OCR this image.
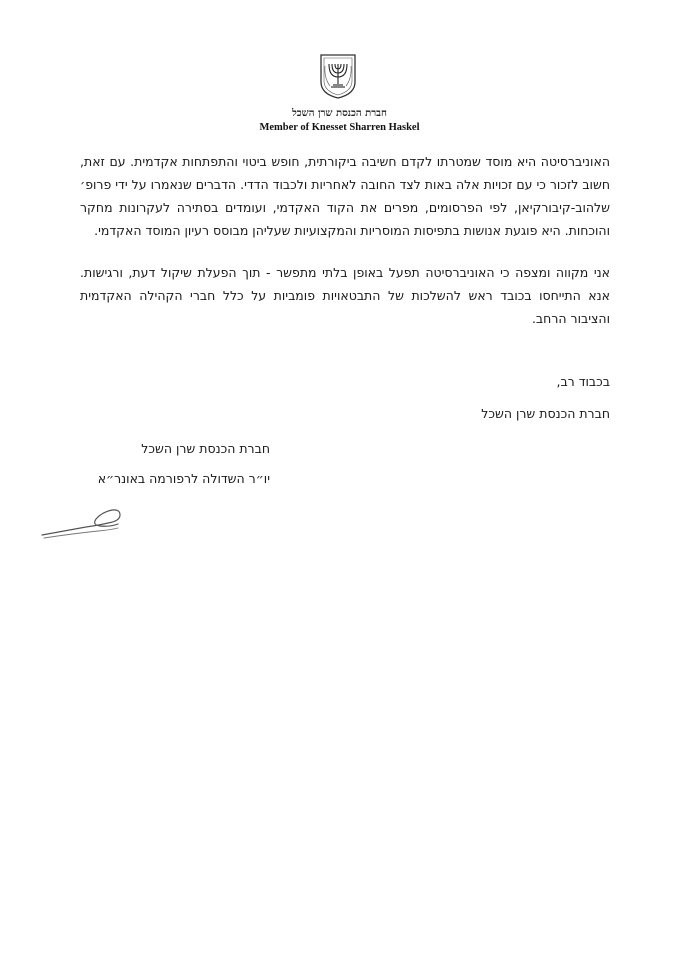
חברת הכנסת שרן השכל
Member of Knesset Sharren Haskel

האוניברסיטה היא מוסד שמטרתו לקדם חשיבה ביקורתית, חופש ביטוי והתפתחות אקדמית. עם זאת, חשוב לזכור כי עם זכויות אלה באות לצד החובה לאחריות ולכבוד הדדי. הדברים שנאמרו על ידי פרופ׳ שלהוב-קיבורקיאן, לפי הפרסומים, מפרים את הקוד האקדמי, ועומדים בסתירה לעקרונות מחקר והוכחות. היא פוגעת אנושות בתפיסות המוסריות והמקצועיות שעליהן מבוסס רעיון המוסד האקדמי.

אני מקווה ומצפה כי האוניברסיטה תפעל באופן בלתי מתפשר - תוך הפעלת שיקול דעת, ורגישות. אנא התייחסו בכובד ראש להשלכות של התבטאויות פומביות על כלל חברי הקהילה האקדמית והציבור הרחב.

בכבוד רב,
חברת הכנסת שרן השכל
חברת הכנסת שרן השכל
יו״ר השדולה לרפורמה באונר״א
